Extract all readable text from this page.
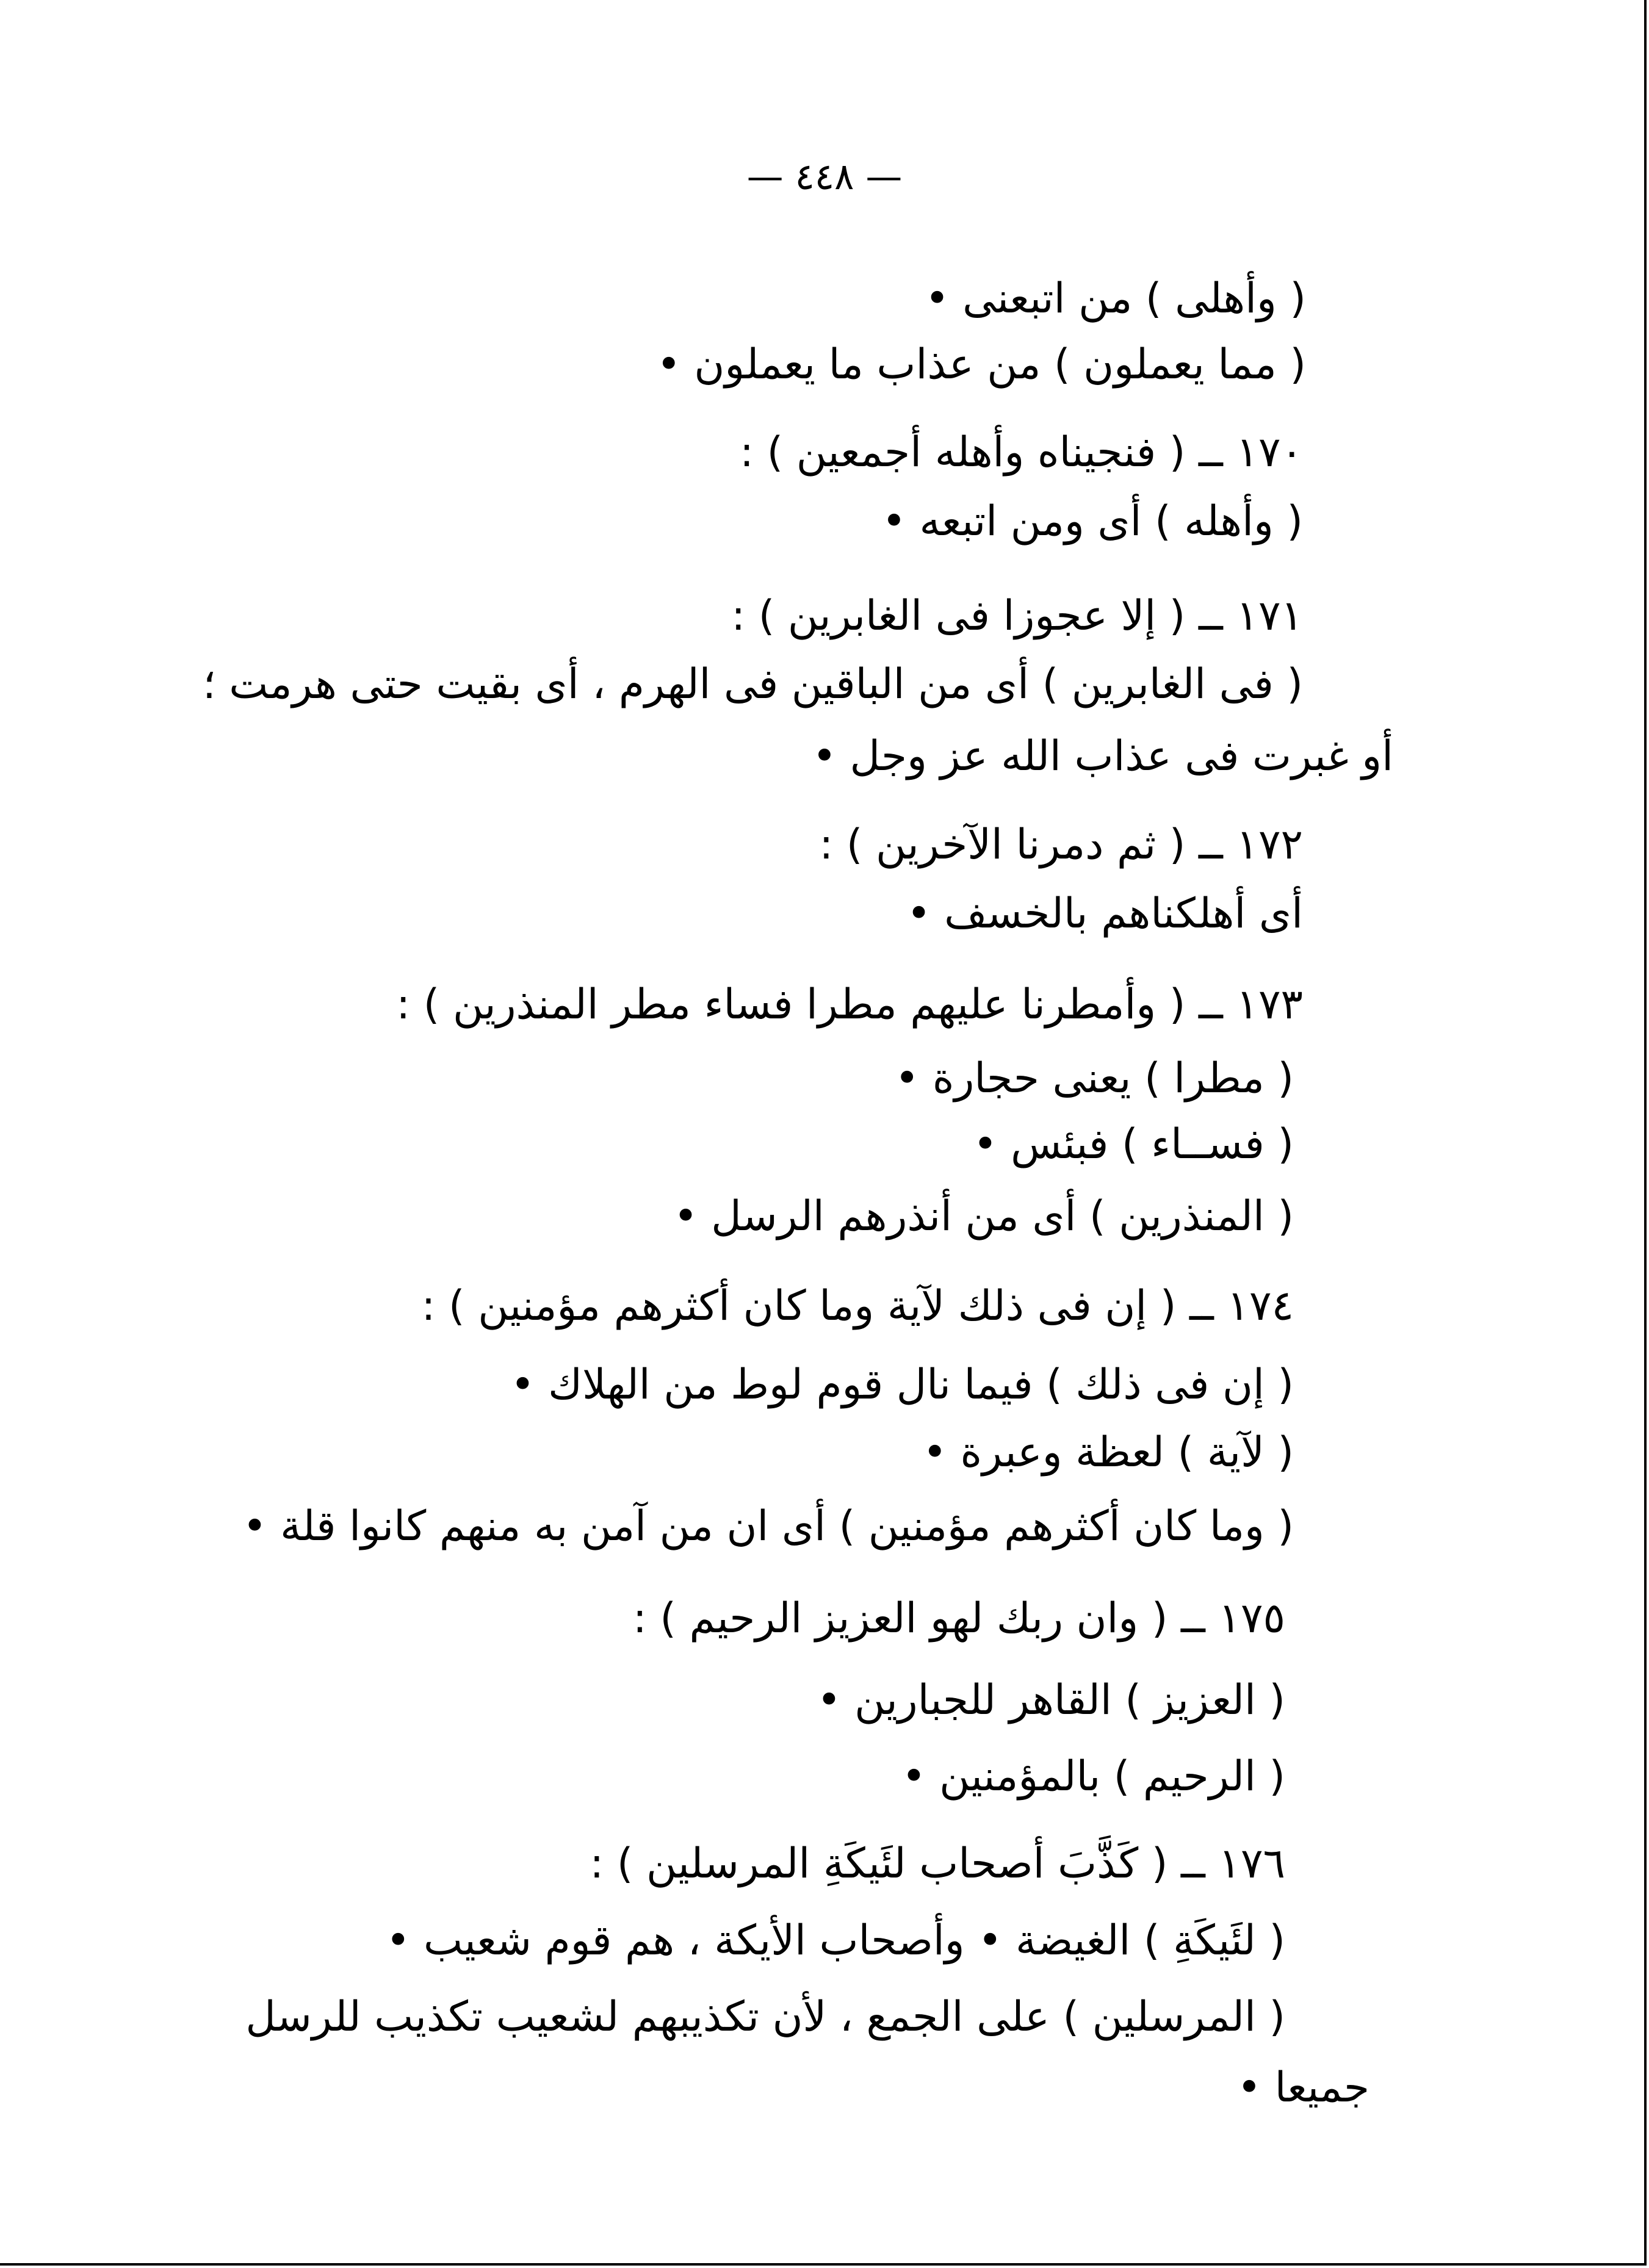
— ٤٤٨ —
( وأهلى ) من اتبعنى •
( مما يعملون ) من عذاب ما يعملون •
١٧٠ ــ ( فنجيناه وأهله أجمعين ) :
( وأهله ) أى ومن اتبعه •
١٧١ ــ ( إلا عجوزا فى الغابرين ) :
( فى الغابرين ) أى من الباقين فى الهرم ، أى بقيت حتى هرمت ؛
أو غبرت فى عذاب الله عز وجل •
١٧٢ ــ ( ثم دمرنا الآخرين ) :
أى أهلكناهم بالخسف •
١٧٣ ــ ( وأمطرنا عليهم مطرا فساء مطر المنذرين ) :
( مطرا ) يعنى حجارة •
( فســاء ) فبئس •
( المنذرين ) أى من أنذرهم الرسل •
١٧٤ ــ ( إن فى ذلك لآية وما كان أكثرهم مؤمنين ) :
( إن فى ذلك ) فيما نال قوم لوط من الهلاك •
( لآية ) لعظة وعبرة •
( وما كان أكثرهم مؤمنين ) أى ان من آمن به منهم كانوا قلة •
١٧٥ ــ ( وان ربك لهو العزيز الرحيم ) :
( العزيز ) القاهر للجبارين •
( الرحيم ) بالمؤمنين •
١٧٦ ــ ( كَذَّبَ أصحاب لئَيكَةِ المرسلين ) :
( لئَيكَةِ ) الغيضة • وأصحاب الأيكة ، هم قوم شعيب •
( المرسلين ) على الجمع ، لأن تكذيبهم لشعيب تكذيب للرسل
جميعا •
